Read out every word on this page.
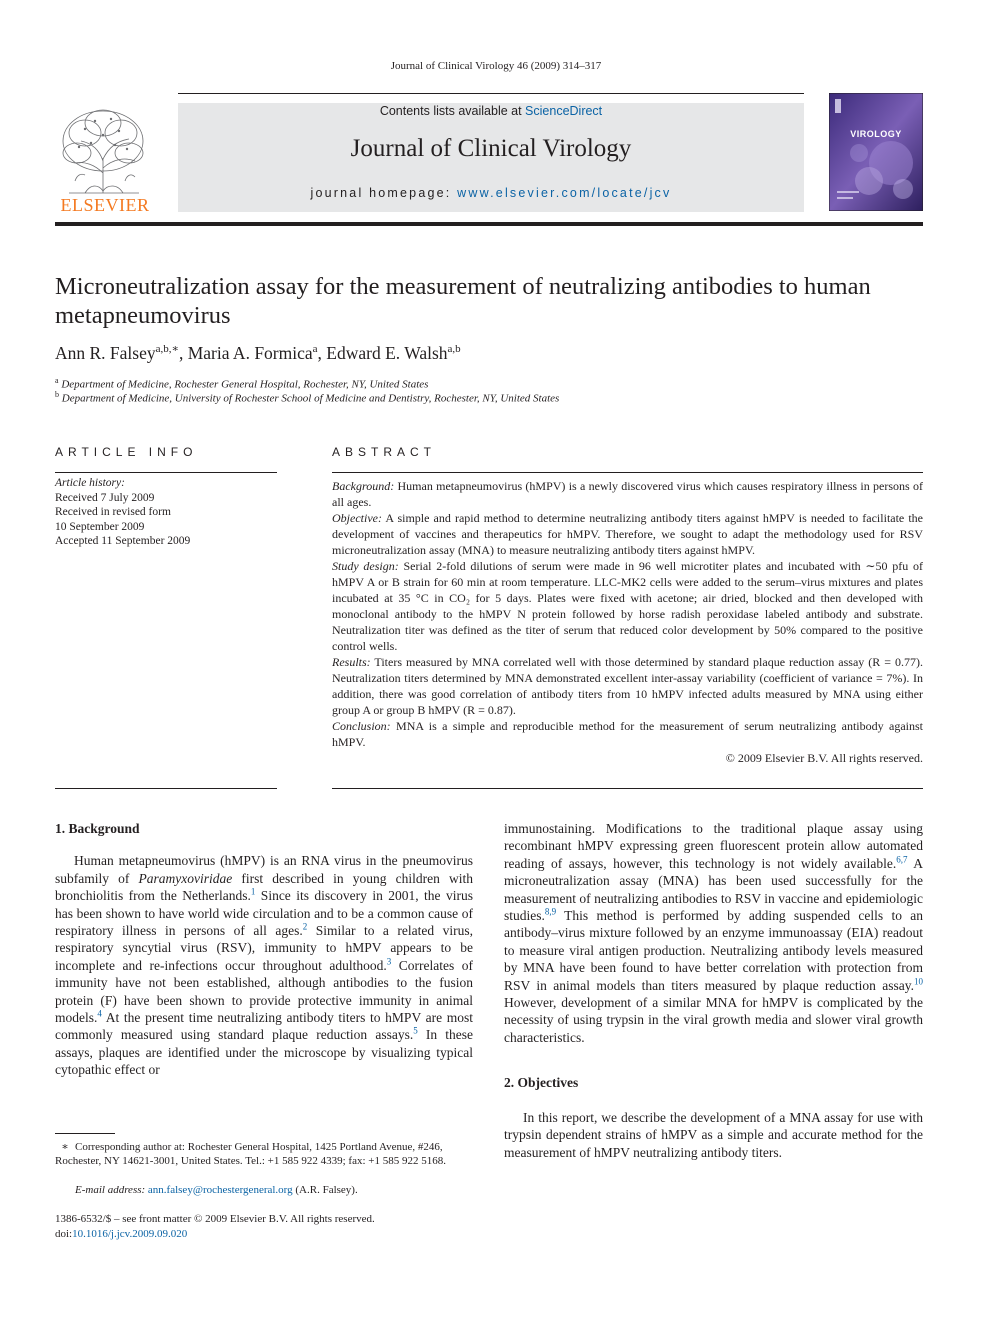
Journal of Clinical Virology 46 (2009) 314–317
ELSEVIER
Contents lists available at ScienceDirect
Journal of Clinical Virology
journal homepage: www.elsevier.com/locate/jcv
VIROLOGY
Microneutralization assay for the measurement of neutralizing antibodies to human metapneumovirus
Ann R. Falsey$^{a,b,∗}$, Maria A. Formica$^a$, Edward E. Walsh$^{a,b}$
$^a$ Department of Medicine, Rochester General Hospital, Rochester, NY, United States
$^b$ Department of Medicine, University of Rochester School of Medicine and Dentistry, Rochester, NY, United States
ARTICLE INFO
Article history:
Received 7 July 2009
Received in revised form
10 September 2009
Accepted 11 September 2009
ABSTRACT

Background: Human metapneumovirus (hMPV) is a newly discovered virus which causes respiratory illness in persons of all ages.

Objective: A simple and rapid method to determine neutralizing antibody titers against hMPV is needed to facilitate the development of vaccines and therapeutics for hMPV. Therefore, we sought to adapt the methodology used for RSV microneutralization assay (MNA) to measure neutralizing antibody titers against hMPV.

Study design: Serial 2-fold dilutions of serum were made in 96 well microtiter plates and incubated with ∼50 pfu of hMPV A or B strain for 60 min at room temperature. LLC-MK2 cells were added to the serum–virus mixtures and plates incubated at 35 °C in CO₂ for 5 days. Plates were fixed with acetone; air dried, blocked and then developed with monoclonal antibody to the hMPV N protein followed by horse radish peroxidase labeled antibody and substrate. Neutralization titer was defined as the titer of serum that reduced color development by 50% compared to the positive control wells.

Results: Titers measured by MNA correlated well with those determined by standard plaque reduction assay (R = 0.77). Neutralization titers determined by MNA demonstrated excellent inter-assay variability (coefficient of variance = 7%). In addition, there was good correlation of antibody titers from 10 hMPV infected adults measured by MNA using either group A or group B hMPV (R = 0.87).

Conclusion: MNA is a simple and reproducible method for the measurement of serum neutralizing antibody against hMPV.

© 2009 Elsevier B.V. All rights reserved.

1. Background

Human metapneumovirus (hMPV) is an RNA virus in the pneumovirus subfamily of Paramyxoviridae first described in young children with bronchiolitis from the Netherlands.$^1$ Since its discovery in 2001, the virus has been shown to have world wide circulation and to be a common cause of respiratory illness in persons of all ages.$^2$ Similar to a related virus, respiratory syncytial virus (RSV), immunity to hMPV appears to be incomplete and re-infections occur throughout adulthood.$^3$ Correlates of immunity have not been established, although antibodies to the fusion protein (F) have been shown to provide protective immunity in animal models.$^4$ At the present time neutralizing antibody titers to hMPV are most commonly measured using standard plaque reduction assays.$^5$ In these assays, plaques are identified under the microscope by visualizing typical cytopathic effect or

immunostaining. Modifications to the traditional plaque assay using recombinant hMPV expressing green fluorescent protein allow automated reading of assays, however, this technology is not widely available.$^{6,7}$ A microneutralization assay (MNA) has been used successfully for the measurement of neutralizing antibodies to RSV in vaccine and epidemiologic studies.$^{8,9}$ This method is performed by adding suspended cells to an antibody–virus mixture followed by an enzyme immunoassay (EIA) readout to measure viral antigen production. Neutralizing antibody levels measured by MNA have been found to have better correlation with protection from RSV in animal models than titers measured by plaque reduction assay.$^{10}$ However, development of a similar MNA for hMPV is complicated by the necessity of using trypsin in the viral growth media and slower viral growth characteristics.

2. Objectives

In this report, we describe the development of a MNA assay for use with trypsin dependent strains of hMPV as a simple and accurate method for the measurement of hMPV neutralizing antibody titers.

∗ Corresponding author at: Rochester General Hospital, 1425 Portland Avenue, #246, Rochester, NY 14621-3001, United States. Tel.: +1 585 922 4339; fax: +1 585 922 5168.
E-mail address: ann.falsey@rochestergeneral.org (A.R. Falsey).
1386-6532/$ – see front matter © 2009 Elsevier B.V. All rights reserved.
doi:10.1016/j.jcv.2009.09.020
